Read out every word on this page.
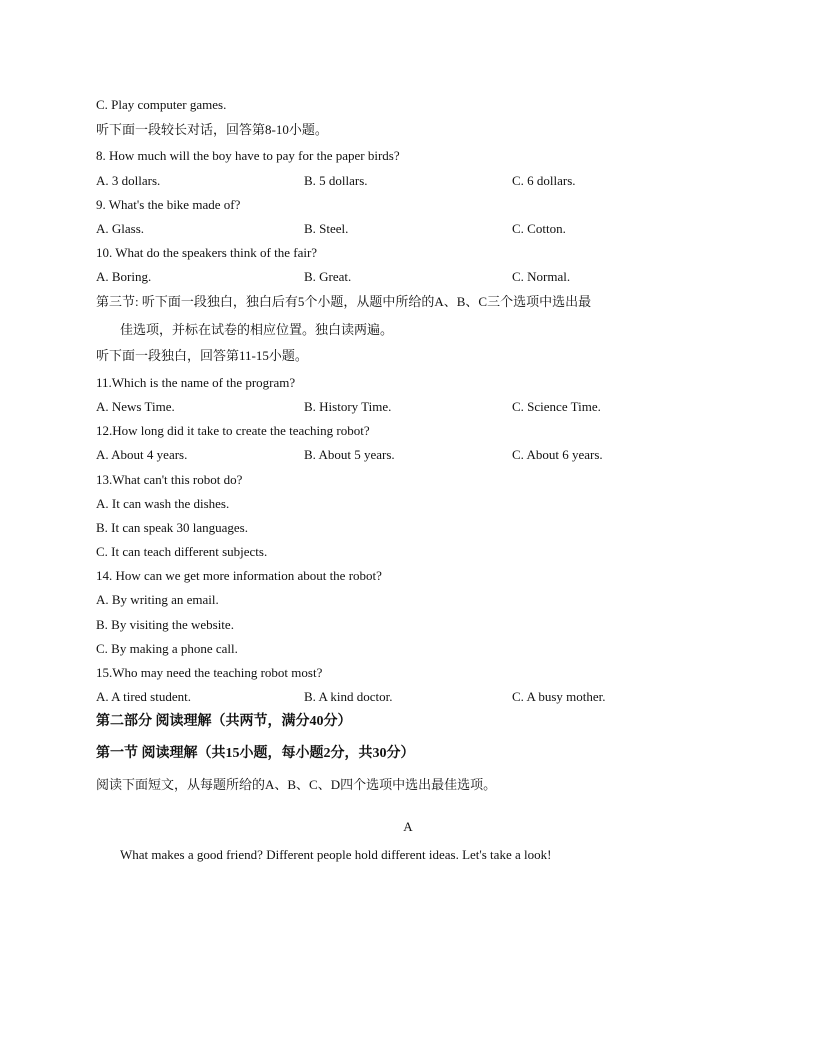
C. Play computer games.
听下面一段较长对话，回答第8-10小题。
8. How much will the boy have to pay for the paper birds?
A. 3 dollars.	B. 5 dollars.	C. 6 dollars.
9. What's the bike made of?
A. Glass.	B. Steel.	C. Cotton.
10. What do the speakers think of the fair?
A. Boring.	B. Great.	C. Normal.
第三节: 听下面一段独白，独白后有5个小题，从题中所给的A、B、C三个选项中选出最
佳选项，并标在试卷的相应位置。独白读两遍。
听下面一段独白，回答第11-15小题。
11.Which is the name of the program?
A. News Time.	B. History Time.	C. Science Time.
12.How long did it take to create the teaching robot?
A. About 4 years.	B. About 5 years.	C. About 6 years.
13.What can't this robot do?
A. It can wash the dishes.
B. It can speak 30 languages.
C. It can teach different subjects.
14. How can we get more information about the robot?
A. By writing an email.
B. By visiting the website.
C. By making a phone call.
15.Who may need the teaching robot most?
A. A tired student.	B. A kind doctor.	C. A busy mother.
第二部分 阅读理解（共两节，满分40分）
第一节 阅读理解（共15小题，每小题2分，共30分）
阅读下面短文，从每题所给的A、B、C、D四个选项中选出最佳选项。
A
What makes a good friend? Different people hold different ideas. Let's take a look!
